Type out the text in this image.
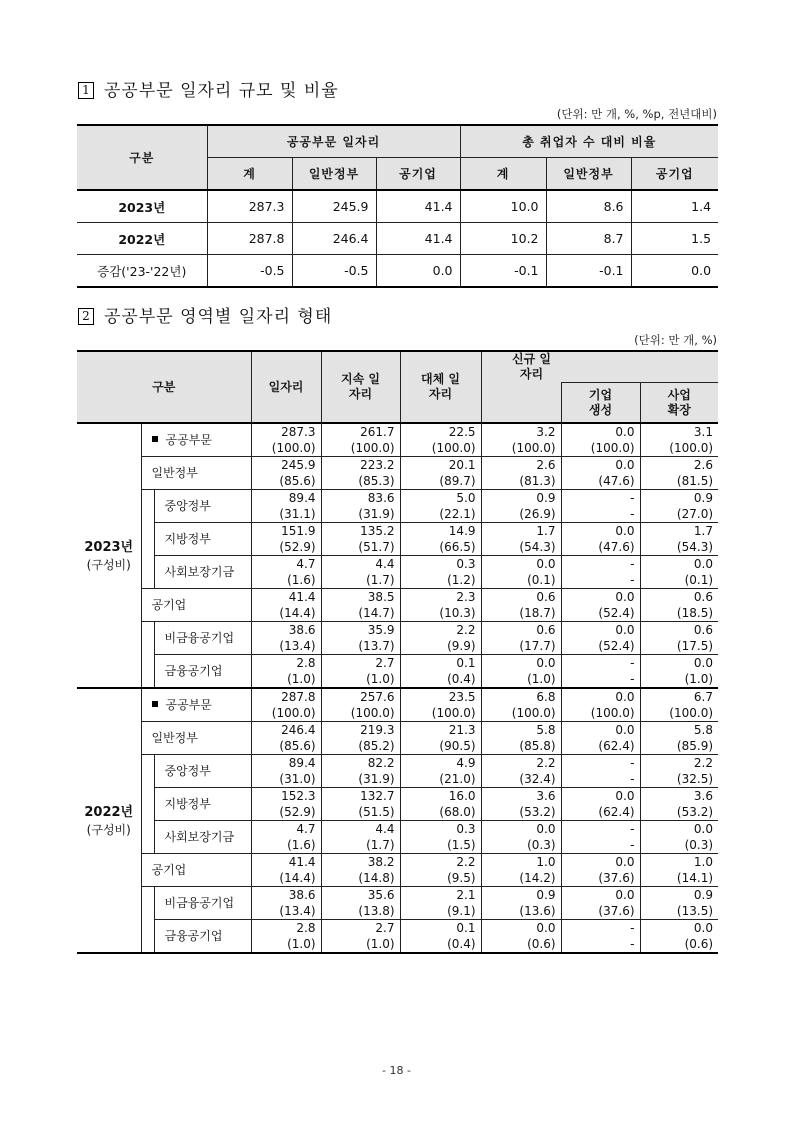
1 공공부문 일자리 규모 및 비율
(단위: 만 개, %, %p, 전년대비)
구분	공공부문 일자리			총 취업자 수 대비 비율		
	계	일반정부	공기업	계	일반정부	공기업
2023년	287.3	245.9	41.4	10.0	8.6	1.4
2022년	287.8	246.4	41.4	10.2	8.7	1.5
증감('23-'22년)	-0.5	-0.5	0.0	-0.1	-0.1	0.0
2 공공부문 영역별 일자리 형태
(단위: 만 개, %)
구분			일자리	지속 일자리	대체 일자리	신규 일자리		
							기업 생성	사업 확장

2023년
(구성비)	공공부문		287.3	261.7	22.5	3.2	0.0	3.1
			(100.0)	(100.0)	(100.0)	(100.0)	(100.0)	(100.0)
	일반정부		245.9	223.2	20.1	2.6	0.0	2.6
			(85.6)	(85.3)	(89.7)	(81.3)	(47.6)	(81.5)
		중앙정부	89.4	83.6	5.0	0.9	-	0.9
			(31.1)	(31.9)	(22.1)	(26.9)	-	(27.0)
		지방정부	151.9	135.2	14.9	1.7	0.0	1.7
			(52.9)	(51.7)	(66.5)	(54.3)	(47.6)	(54.3)
		사회보장기금	4.7	4.4	0.3	0.0	-	0.0
			(1.6)	(1.7)	(1.2)	(0.1)	-	(0.1)
	공기업		41.4	38.5	2.3	0.6	0.0	0.6
			(14.4)	(14.7)	(10.3)	(18.7)	(52.4)	(18.5)
		비금융공기업	38.6	35.9	2.2	0.6	0.0	0.6
			(13.4)	(13.7)	(9.9)	(17.7)	(52.4)	(17.5)
		금융공기업	2.8	2.7	0.1	0.0	-	0.0
			(1.0)	(1.0)	(0.4)	(1.0)	-	(1.0)

2022년
(구성비)	공공부문		287.8	257.6	23.5	6.8	0.0	6.7
			(100.0)	(100.0)	(100.0)	(100.0)	(100.0)	(100.0)
	일반정부		246.4	219.3	21.3	5.8	0.0	5.8
			(85.6)	(85.2)	(90.5)	(85.8)	(62.4)	(85.9)
		중앙정부	89.4	82.2	4.9	2.2	-	2.2
			(31.0)	(31.9)	(21.0)	(32.4)	-	(32.5)
		지방정부	152.3	132.7	16.0	3.6	0.0	3.6
			(52.9)	(51.5)	(68.0)	(53.2)	(62.4)	(53.2)
		사회보장기금	4.7	4.4	0.3	0.0	-	0.0
			(1.6)	(1.7)	(1.5)	(0.3)	-	(0.3)
	공기업		41.4	38.2	2.2	1.0	0.0	1.0
			(14.4)	(14.8)	(9.5)	(14.2)	(37.6)	(14.1)
		비금융공기업	38.6	35.6	2.1	0.9	0.0	0.9
			(13.4)	(13.8)	(9.1)	(13.6)	(37.6)	(13.5)
		금융공기업	2.8	2.7	0.1	0.0	-	0.0
			(1.0)	(1.0)	(0.4)	(0.6)	-	(0.6)
- 18 -
